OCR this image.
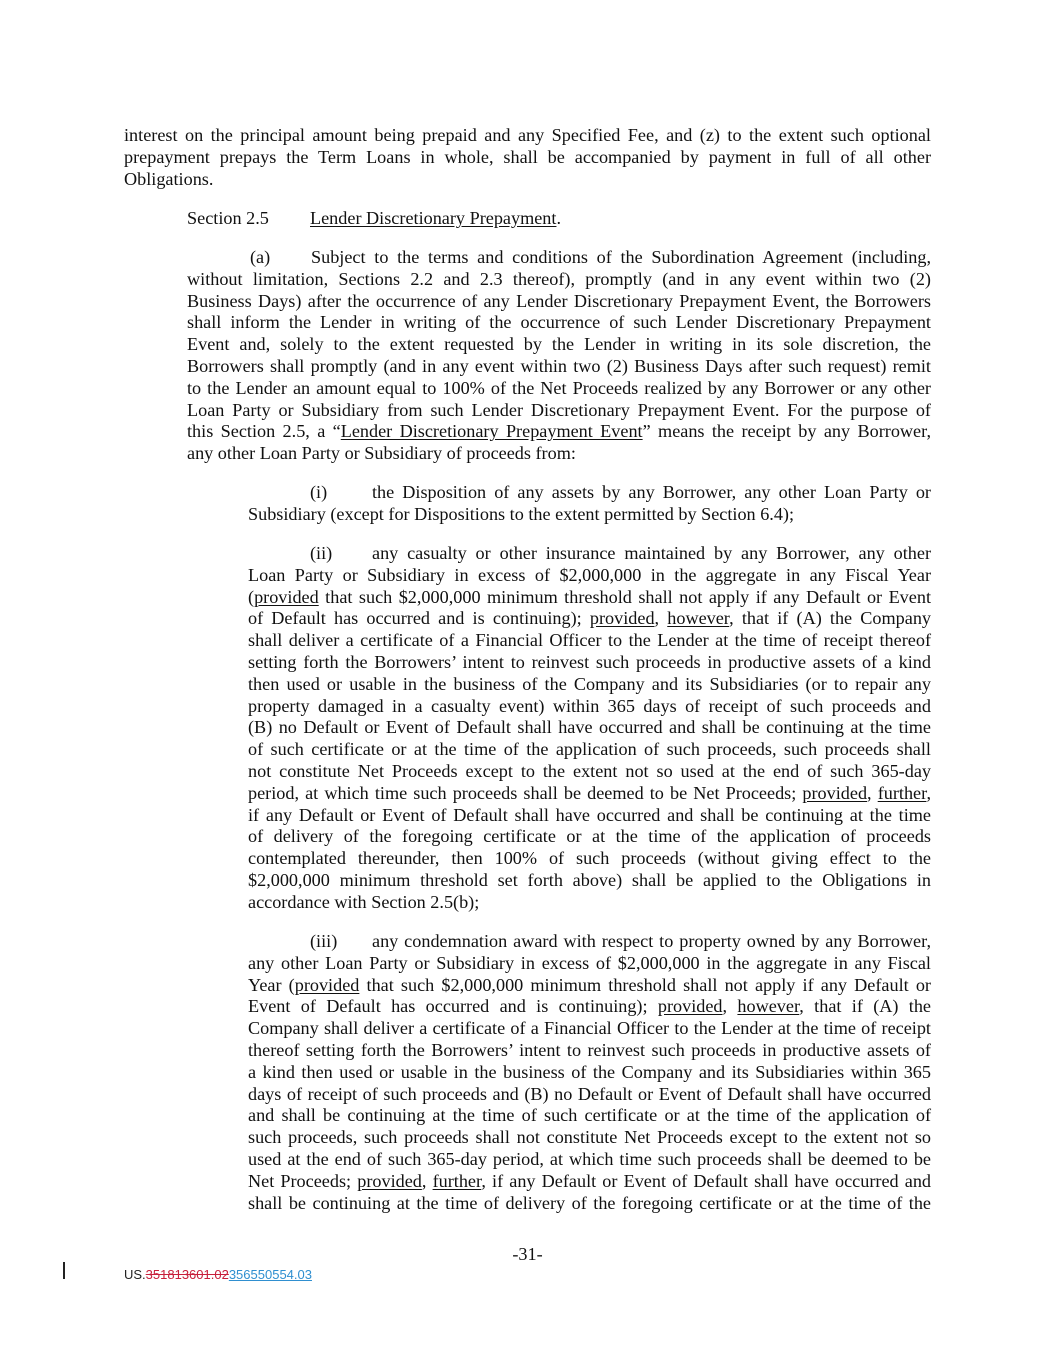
interest on the principal amount being prepaid and any Specified Fee, and (z) to the extent such optional
prepayment prepays the Term Loans in whole, shall be accompanied by payment in full of all other
Obligations.
Section 2.5 Lender Discretionary Prepayment.
(a) Subject to the terms and conditions of the Subordination Agreement (including,
without limitation, Sections 2.2 and 2.3 thereof), promptly (and in any event within two (2)
Business Days) after the occurrence of any Lender Discretionary Prepayment Event, the Borrowers
shall inform the Lender in writing of the occurrence of such Lender Discretionary Prepayment
Event and, solely to the extent requested by the Lender in writing in its sole discretion, the
Borrowers shall promptly (and in any event within two (2) Business Days after such request) remit
to the Lender an amount equal to 100% of the Net Proceeds realized by any Borrower or any other
Loan Party or Subsidiary from such Lender Discretionary Prepayment Event. For the purpose of
this Section 2.5, a “Lender Discretionary Prepayment Event” means the receipt by any Borrower,
any other Loan Party or Subsidiary of proceeds from:
(i) the Disposition of any assets by any Borrower, any other Loan Party or
Subsidiary (except for Dispositions to the extent permitted by Section 6.4);
(ii) any casualty or other insurance maintained by any Borrower, any other
Loan Party or Subsidiary in excess of $2,000,000 in the aggregate in any Fiscal Year
(provided that such $2,000,000 minimum threshold shall not apply if any Default or Event
of Default has occurred and is continuing); provided, however, that if (A) the Company
shall deliver a certificate of a Financial Officer to the Lender at the time of receipt thereof
setting forth the Borrowers’ intent to reinvest such proceeds in productive assets of a kind
then used or usable in the business of the Company and its Subsidiaries (or to repair any
property damaged in a casualty event) within 365 days of receipt of such proceeds and
(B) no Default or Event of Default shall have occurred and shall be continuing at the time
of such certificate or at the time of the application of such proceeds, such proceeds shall
not constitute Net Proceeds except to the extent not so used at the end of such 365-day
period, at which time such proceeds shall be deemed to be Net Proceeds; provided, further,
if any Default or Event of Default shall have occurred and shall be continuing at the time
of delivery of the foregoing certificate or at the time of the application of proceeds
contemplated thereunder, then 100% of such proceeds (without giving effect to the
$2,000,000 minimum threshold set forth above) shall be applied to the Obligations in
accordance with Section 2.5(b);
(iii) any condemnation award with respect to property owned by any Borrower,
any other Loan Party or Subsidiary in excess of $2,000,000 in the aggregate in any Fiscal
Year (provided that such $2,000,000 minimum threshold shall not apply if any Default or
Event of Default has occurred and is continuing); provided, however, that if (A) the
Company shall deliver a certificate of a Financial Officer to the Lender at the time of receipt
thereof setting forth the Borrowers’ intent to reinvest such proceeds in productive assets of
a kind then used or usable in the business of the Company and its Subsidiaries within 365
days of receipt of such proceeds and (B) no Default or Event of Default shall have occurred
and shall be continuing at the time of such certificate or at the time of the application of
such proceeds, such proceeds shall not constitute Net Proceeds except to the extent not so
used at the end of such 365-day period, at which time such proceeds shall be deemed to be
Net Proceeds; provided, further, if any Default or Event of Default shall have occurred and
shall be continuing at the time of delivery of the foregoing certificate or at the time of the
-31-
US.351813601.02356550554.03
